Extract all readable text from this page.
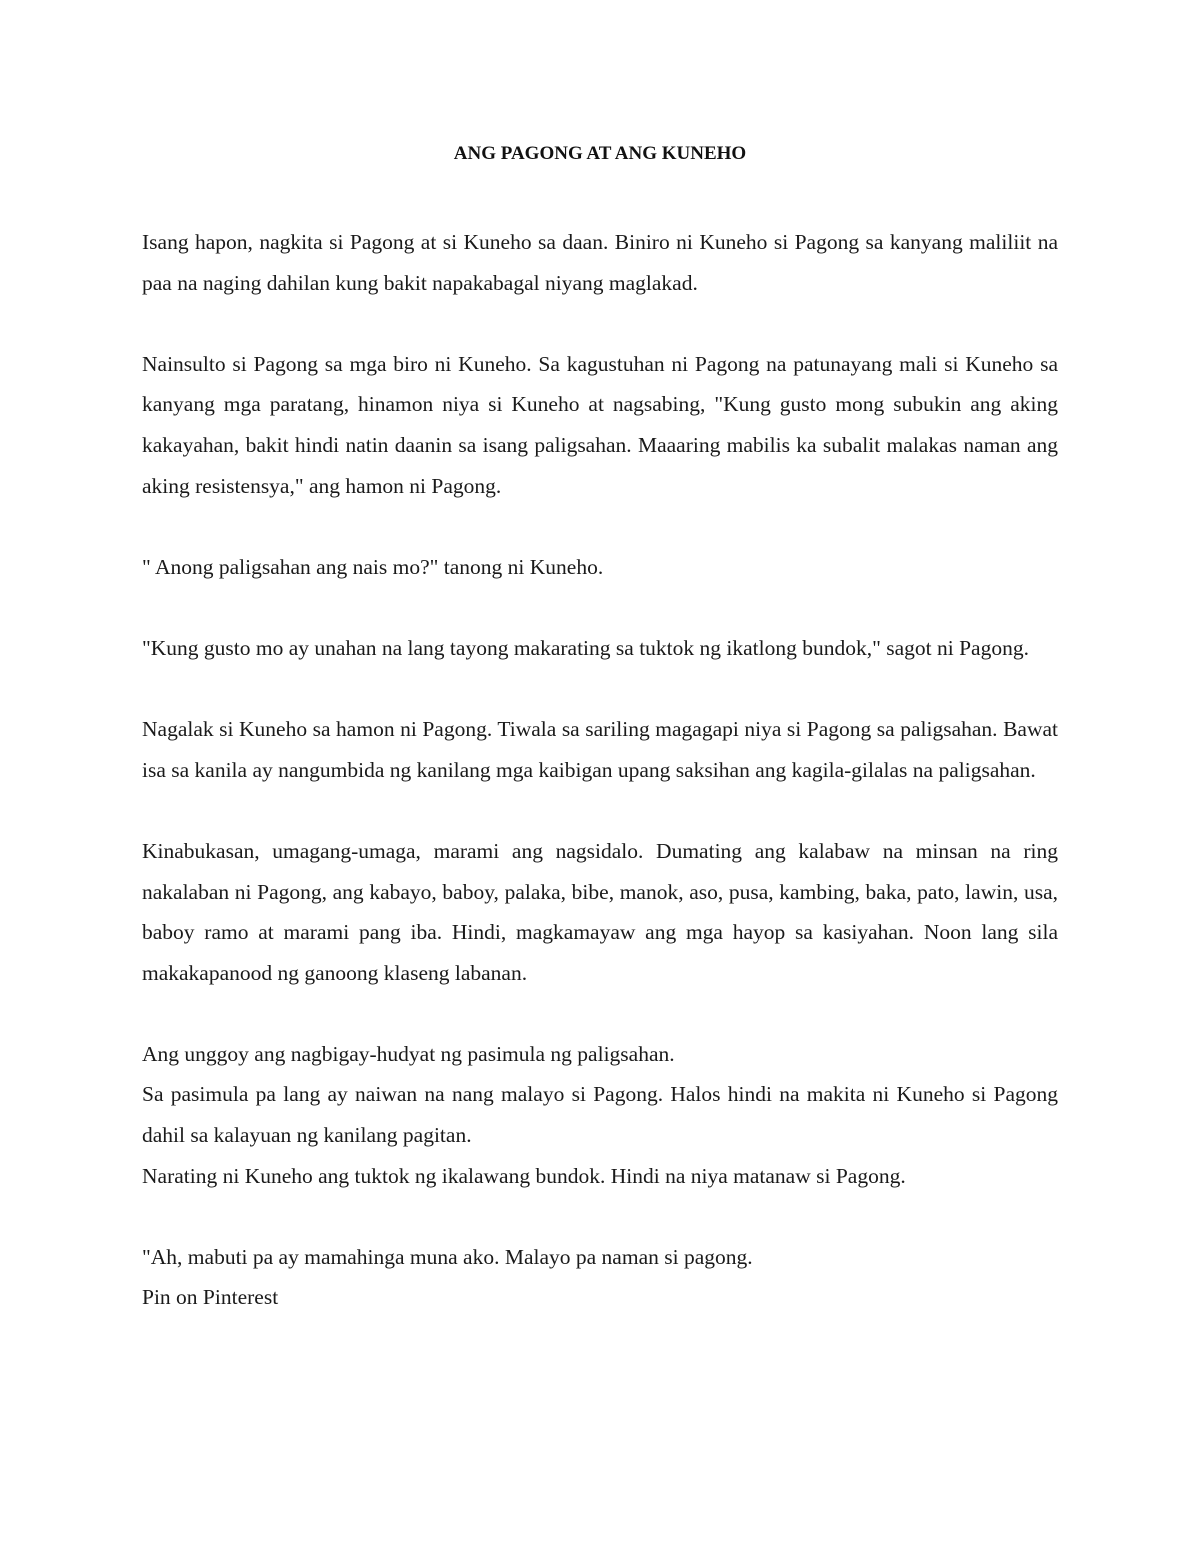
ANG PAGONG AT ANG KUNEHO

Isang hapon, nagkita si Pagong at si Kuneho sa daan. Biniro ni Kuneho si Pagong sa kanyang maliliit na paa na naging dahilan kung bakit napakabagal niyang maglakad.

Nainsulto si Pagong sa mga biro ni Kuneho. Sa kagustuhan ni Pagong na patunayang mali si Kuneho sa kanyang mga paratang, hinamon niya si Kuneho at nagsabing, "Kung gusto mong subukin ang aking kakayahan, bakit hindi natin daanin sa isang paligsahan. Maaaring mabilis ka subalit malakas naman ang aking resistensya," ang hamon ni Pagong.

" Anong paligsahan ang nais mo?" tanong ni Kuneho.

"Kung gusto mo ay unahan na lang tayong makarating sa tuktok ng ikatlong bundok," sagot ni Pagong.

Nagalak si Kuneho sa hamon ni Pagong. Tiwala sa sariling magagapi niya si Pagong sa paligsahan. Bawat isa sa kanila ay nangumbida ng kanilang mga kaibigan upang saksihan ang kagila-gilalas na paligsahan.

Kinabukasan, umagang-umaga, marami ang nagsidalo. Dumating ang kalabaw na minsan na ring nakalaban ni Pagong, ang kabayo, baboy, palaka, bibe, manok, aso, pusa, kambing, baka, pato, lawin, usa, baboy ramo at marami pang iba. Hindi, magkamayaw ang mga hayop sa kasiyahan. Noon lang sila makakapanood ng ganoong klaseng labanan.

Ang unggoy ang nagbigay-hudyat ng pasimula ng paligsahan.

Sa pasimula pa lang ay naiwan na nang malayo si Pagong. Halos hindi na makita ni Kuneho si Pagong dahil sa kalayuan ng kanilang pagitan.

Narating ni Kuneho ang tuktok ng ikalawang bundok. Hindi na niya matanaw si Pagong.

"Ah, mabuti pa ay mamahinga muna ako. Malayo pa naman si pagong.

Pin on Pinterest
